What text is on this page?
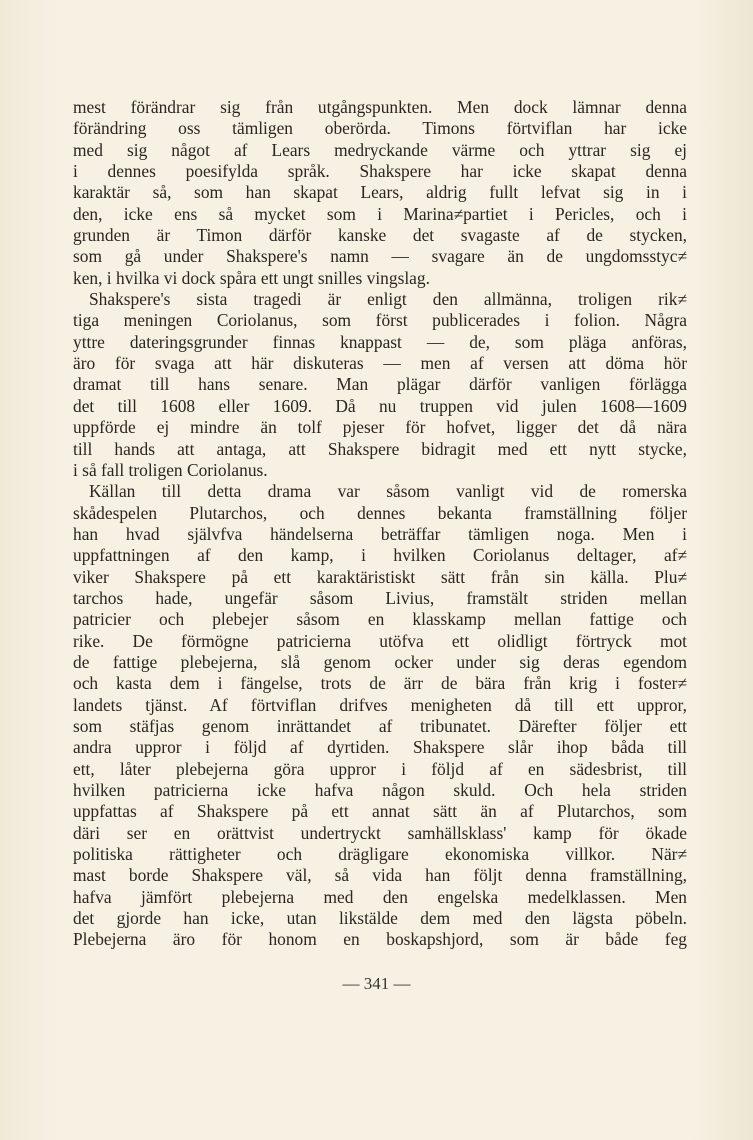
mest förändrar sig från utgångspunkten. Men dock lämnar denna
förändring oss tämligen oberörda. Timons förtviflan har icke
med sig något af Lears medryckande värme och yttrar sig ej
i dennes poesifylda språk. Shakspere har icke skapat denna
karaktär så, som han skapat Lears, aldrig fullt lefvat sig in i
den, icke ens så mycket som i Marina≠partiet i Pericles, och i
grunden är Timon därför kanske det svagaste af de stycken,
som gå under Shakspere's namn — svagare än de ungdomsstyc≠
ken, i hvilka vi dock spåra ett ungt snilles vingslag.
Shakspere's sista tragedi är enligt den allmänna, troligen rik≠
tiga meningen Coriolanus, som först publicerades i folion. Några
yttre dateringsgrunder finnas knappast — de, som pläga anföras,
äro för svaga att här diskuteras — men af versen att döma hör
dramat till hans senare. Man plägar därför vanligen förlägga
det till 1608 eller 1609. Då nu truppen vid julen 1608—1609
uppförde ej mindre än tolf pjeser för hofvet, ligger det då nära
till hands att antaga, att Shakspere bidragit med ett nytt stycke,
i så fall troligen Coriolanus.
Källan till detta drama var såsom vanligt vid de romerska
skådespelen Plutarchos, och dennes bekanta framställning följer
han hvad självfva händelserna beträffar tämligen noga. Men i
uppfattningen af den kamp, i hvilken Coriolanus deltager, af≠
viker Shakspere på ett karaktäristiskt sätt från sin källa. Plu≠
tarchos hade, ungefär såsom Livius, framstält striden mellan
patricier och plebejer såsom en klasskamp mellan fattige och
rike. De förmögne patricierna utöfva ett olidligt förtryck mot
de fattige plebejerna, slå genom ocker under sig deras egendom
och kasta dem i fängelse, trots de ärr de bära från krig i foster≠
landets tjänst. Af förtviflan drifves menigheten då till ett uppror,
som stäfjas genom inrättandet af tribunatet. Därefter följer ett
andra uppror i följd af dyrtiden. Shakspere slår ihop båda till
ett, låter plebejerna göra uppror i följd af en sädesbrist, till
hvilken patricierna icke hafva någon skuld. Och hela striden
uppfattas af Shakspere på ett annat sätt än af Plutarchos, som
däri ser en orättvist undertryckt samhällsklass' kamp för ökade
politiska rättigheter och drägligare ekonomiska villkor. När≠
mast borde Shakspere väl, så vida han följt denna framställning,
hafva jämfört plebejerna med den engelska medelklassen. Men
det gjorde han icke, utan likstälde dem med den lägsta pöbeln.
Plebejerna äro för honom en boskapshjord, som är både feg
— 341 —
